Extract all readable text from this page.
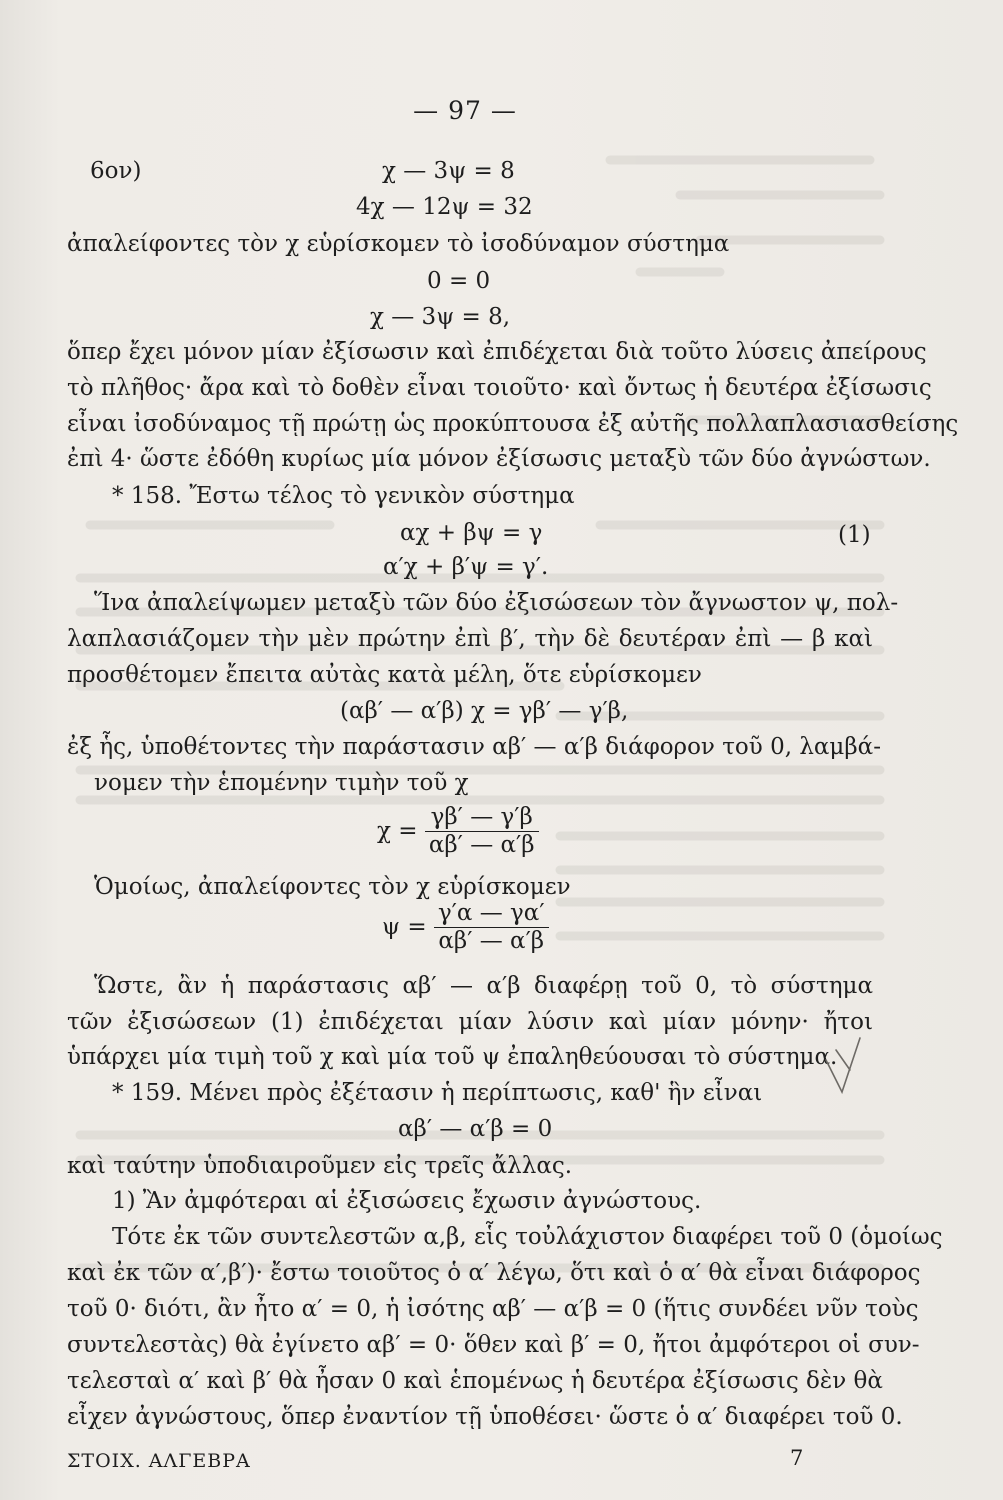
— 97 —
6ον)	χ — 3ψ = 8
4χ — 12ψ = 32
ἀπαλείφοντες τὸν χ εὑρίσκομεν τὸ ἰσοδύναμον σύστημα
0 = 0
χ — 3ψ = 8,
ὅπερ ἔχει μόνον μίαν ἐξίσωσιν καὶ ἐπιδέχεται διὰ τοῦτο λύσεις ἀπείρους
τὸ πλῆθος· ἄρα καὶ τὸ δοθὲν εἶναι τοιοῦτο· καὶ ὄντως ἡ δευτέρα ἐξίσωσις
εἶναι ἰσοδύναμος τῇ πρώτῃ ὡς προκύπτουσα ἐξ αὐτῆς πολλαπλασιασθείσης
ἐπὶ 4· ὥστε ἐδόθη κυρίως μία μόνον ἐξίσωσις μεταξὺ τῶν δύο ἀγνώστων.
* 158. Ἔστω τέλος τὸ γενικὸν σύστημα
αχ + βψ = γ	(1)
α′χ + β′ψ = γ′.
Ἵνα ἀπαλείψωμεν μεταξὺ τῶν δύο ἐξισώσεων τὸν ἄγνωστον ψ, πολ-
λαπλασιάζομεν τὴν μὲν πρώτην ἐπὶ β′, τὴν δὲ δευτέραν ἐπὶ — β καὶ
προσθέτομεν ἔπειτα αὐτὰς κατὰ μέλη, ὅτε εὑρίσκομεν
(αβ′ — α′β) χ = γβ′ — γ′β,
ἐξ ἧς, ὑποθέτοντες τὴν παράστασιν αβ′ — α′β διάφορον τοῦ 0, λαμβά-
νομεν τὴν ἑπομένην τιμὴν τοῦ χ
$\chi = \frac{\gamma\beta' — \gamma'\beta}{\alpha\beta' — \alpha'\beta}$
Ὁμοίως, ἀπαλείφοντες τὸν χ εὑρίσκομεν
$\psi = \frac{\gamma'\alpha — \gamma\alpha'}{\alpha\beta' — \alpha'\beta}$
Ὥστε, ἂν ἡ παράστασις αβ′ — α′β διαφέρῃ τοῦ 0, τὸ σύστημα
τῶν ἐξισώσεων (1) ἐπιδέχεται μίαν λύσιν καὶ μίαν μόνην· ἤτοι
ὑπάρχει μία τιμὴ τοῦ χ καὶ μία τοῦ ψ ἐπαληθεύουσαι τὸ σύστημα.
* 159. Μένει πρὸς ἐξέτασιν ἡ περίπτωσις, καθ' ἣν εἶναι
αβ′ — α′β = 0
καὶ ταύτην ὑποδιαιροῦμεν εἰς τρεῖς ἄλλας.
1) Ἂν ἀμφότεραι αἱ ἐξισώσεις ἔχωσιν ἀγνώστους.
Τότε ἐκ τῶν συντελεστῶν α,β, εἷς τοὐλάχιστον διαφέρει τοῦ 0 (ὁμοίως
καὶ ἐκ τῶν α′,β′)· ἔστω τοιοῦτος ὁ α′ λέγω, ὅτι καὶ ὁ α′ θὰ εἶναι διάφορος
τοῦ 0· διότι, ἂν ἦτο α′ = 0, ἡ ἰσότης αβ′ — α′β = 0 (ἥτις συνδέει νῦν τοὺς
συντελεστὰς) θὰ ἐγίνετο αβ′ = 0· ὅθεν καὶ β′ = 0, ἤτοι ἀμφότεροι οἱ συν-
τελεσταὶ α′ καὶ β′ θὰ ἦσαν 0 καὶ ἑπομένως ἡ δευτέρα ἐξίσωσις δὲν θὰ
εἶχεν ἀγνώστους, ὅπερ ἐναντίον τῇ ὑποθέσει· ὥστε ὁ α′ διαφέρει τοῦ 0.
ΣΤΟΙΧ. ΑΛΓΕΒΡΑ	7
